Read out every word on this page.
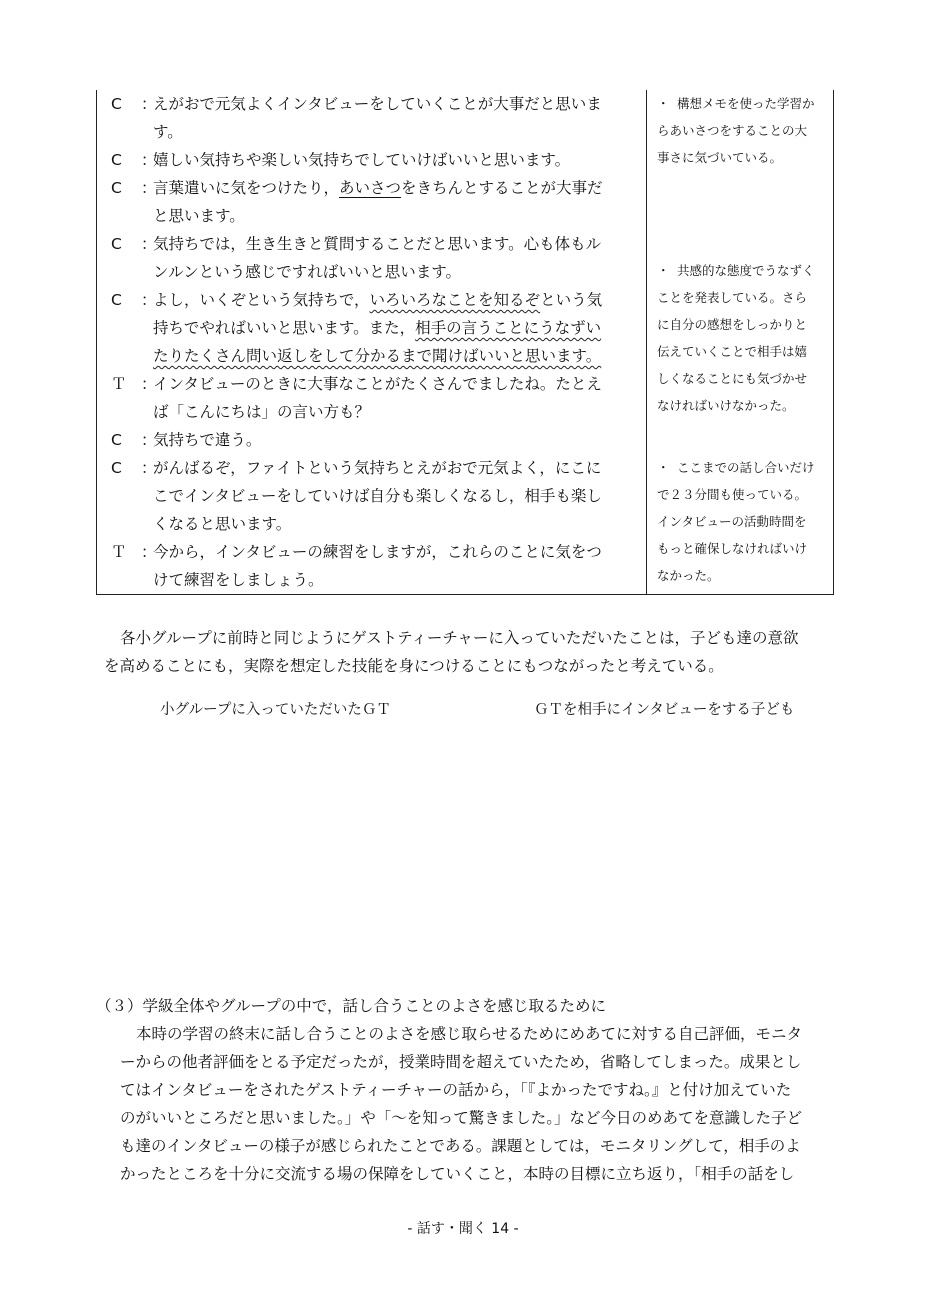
C ：
えがおで元気よくインタビューをしていくことが大事だと思いま
す。
C ：
嬉しい気持ちや楽しい気持ちでしていけばいいと思います。
C ：
言葉遣いに気をつけたり，あいさつをきちんとすることが大事だ
と思います。
C ：
気持ちでは，生き生きと質問することだと思います。心も体もル
ンルンという感じですればいいと思います。
C ：
よし，いくぞという気持ちで，いろいろなことを知るぞという気
持ちでやればいいと思います。また，相手の言うことにうなずい
たりたくさん問い返しをして分かるまで聞けばいいと思います。
Ｔ ：
インタビューのときに大事なことがたくさんでましたね。たとえ
ば「こんにちは」の言い方も？
C ：
気持ちで違う。
C ：
がんばるぞ，ファイトという気持ちとえがおで元気よく，にこに
こでインタビューをしていけば自分も楽しくなるし，相手も楽し
くなると思います。
Ｔ ：
今から，インタビューの練習をしますが，これらのことに気をつ
けて練習をしましょう。
・ 構想メモを使った学習か
らあいさつをすることの大
事さに気づいている。
・ 共感的な態度でうなずく
ことを発表している。さら
に自分の感想をしっかりと
伝えていくことで相手は嬉
しくなることにも気づかせ
なければいけなかった。
・ ここまでの話し合いだけ
で２３分間も使っている。
インタビューの活動時間を
もっと確保しなければいけ
なかった。
各小グループに前時と同じようにゲストティーチャーに入っていただいたことは，子ども達の意欲
を高めることにも，実際を想定した技能を身につけることにもつながったと考えている。
小グループに入っていただいたＧＴ	ＧＴを相手にインタビューをする子ども
（３）学級全体やグループの中で，話し合うことのよさを感じ取るために
本時の学習の終末に話し合うことのよさを感じ取らせるためにめあてに対する自己評価，モニタ
ーからの他者評価をとる予定だったが，授業時間を超えていたため，省略してしまった。成果とし
てはインタビューをされたゲストティーチャーの話から，「『よかったですね。』と付け加えていた
のがいいところだと思いました。」や「～を知って驚きました。」など今日のめあてを意識した子ど
も達のインタビューの様子が感じられたことである。課題としては，モニタリングして，相手のよ
かったところを十分に交流する場の保障をしていくこと，本時の目標に立ち返り，「相手の話をし
- 話す・聞く 14 -
